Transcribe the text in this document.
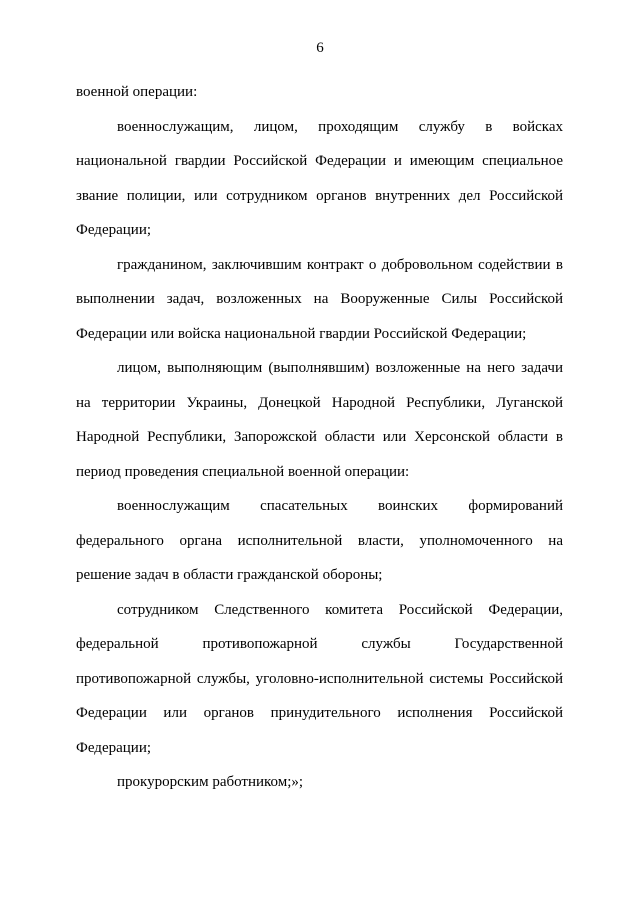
6
военной операции:
военнослужащим, лицом, проходящим службу в войсках
национальной гвардии Российской Федерации и имеющим специальное
звание полиции, или сотрудником органов внутренних дел Российской
Федерации;
гражданином, заключившим контракт о добровольном содействии в
выполнении задач, возложенных на Вооруженные Силы Российской
Федерации или войска национальной гвардии Российской Федерации;
лицом, выполняющим (выполнявшим) возложенные на него задачи
на территории Украины, Донецкой Народной Республики, Луганской
Народной Республики, Запорожской области или Херсонской области в
период проведения специальной военной операции:
военнослужащим спасательных воинских формирований
федерального органа исполнительной власти, уполномоченного на
решение задач в области гражданской обороны;
сотрудником Следственного комитета Российской Федерации,
федеральной противопожарной службы Государственной
противопожарной службы, уголовно-исполнительной системы Российской
Федерации или органов принудительного исполнения Российской
Федерации;
прокурорским работником;»;
